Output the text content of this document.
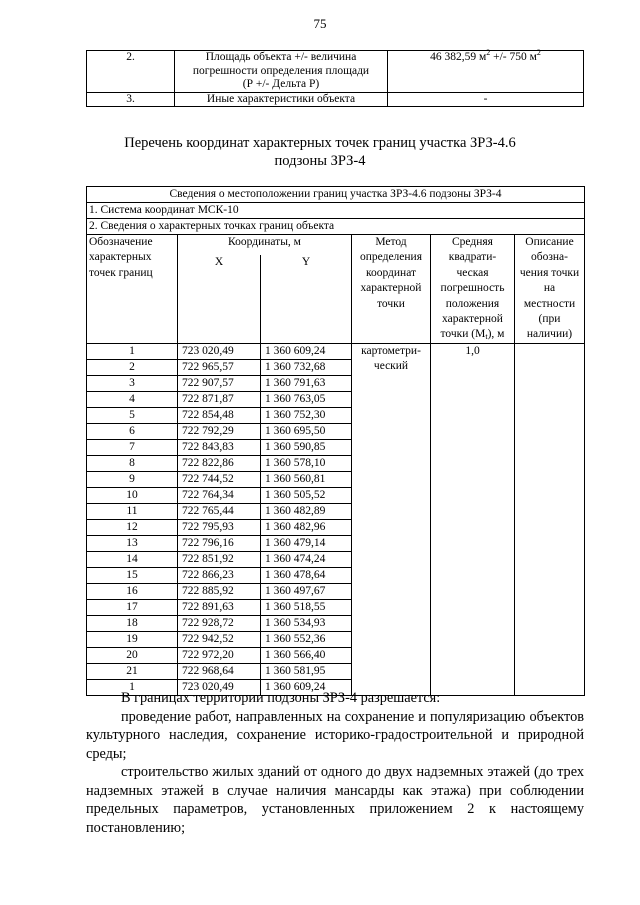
75
2.	Площадь объекта +/- величина
погрешности определения площади
(Р +/- Дельта Р)	46 382,59 $м^2$ +/- 750 $м^2$
3.	Иные характеристики объекта	-
Перечень координат характерных точек границ участка ЗРЗ-4.6
подзоны ЗРЗ-4
Сведения о местоположении границ участка ЗРЗ-4.6 подзоны ЗРЗ-4					
1. Система координат МСК-10					
2. Сведения о характерных точках границ объекта					
Обозначение характерных точек границ	Координаты, м		Метод определения координат характерной точки	Средняя квадрати-ческая погрешность положения характерной точки $(M_t)$, м	Описание обозна-чения точки на местности (при наличии)
	X	Y			
1	723 020,49	1 360 609,24	картометри-
ческий	1,0	
2	722 965,57	1 360 732,68			
3	722 907,57	1 360 791,63			
4	722 871,87	1 360 763,05			
5	722 854,48	1 360 752,30			
6	722 792,29	1 360 695,50			
7	722 843,83	1 360 590,85			
8	722 822,86	1 360 578,10			
9	722 744,52	1 360 560,81			
10	722 764,34	1 360 505,52			
11	722 765,44	1 360 482,89			
12	722 795,93	1 360 482,96			
13	722 796,16	1 360 479,14			
14	722 851,92	1 360 474,24			
15	722 866,23	1 360 478,64			
16	722 885,92	1 360 497,67			
17	722 891,63	1 360 518,55			
18	722 928,72	1 360 534,93			
19	722 942,52	1 360 552,36			
20	722 972,20	1 360 566,40			
21	722 968,64	1 360 581,95			
1	723 020,49	1 360 609,24			

В границах территории подзоны ЗРЗ-4 разрешается:

проведение работ, направленных на сохранение и популяризацию объектов культурного наследия, сохранение историко-градостроительной и природной среды;

строительство жилых зданий от одного до двух надземных этажей (до трех надземных этажей в случае наличия мансарды как этажа) при соблюдении предельных параметров, установленных приложением 2 к настоящему постановлению;
